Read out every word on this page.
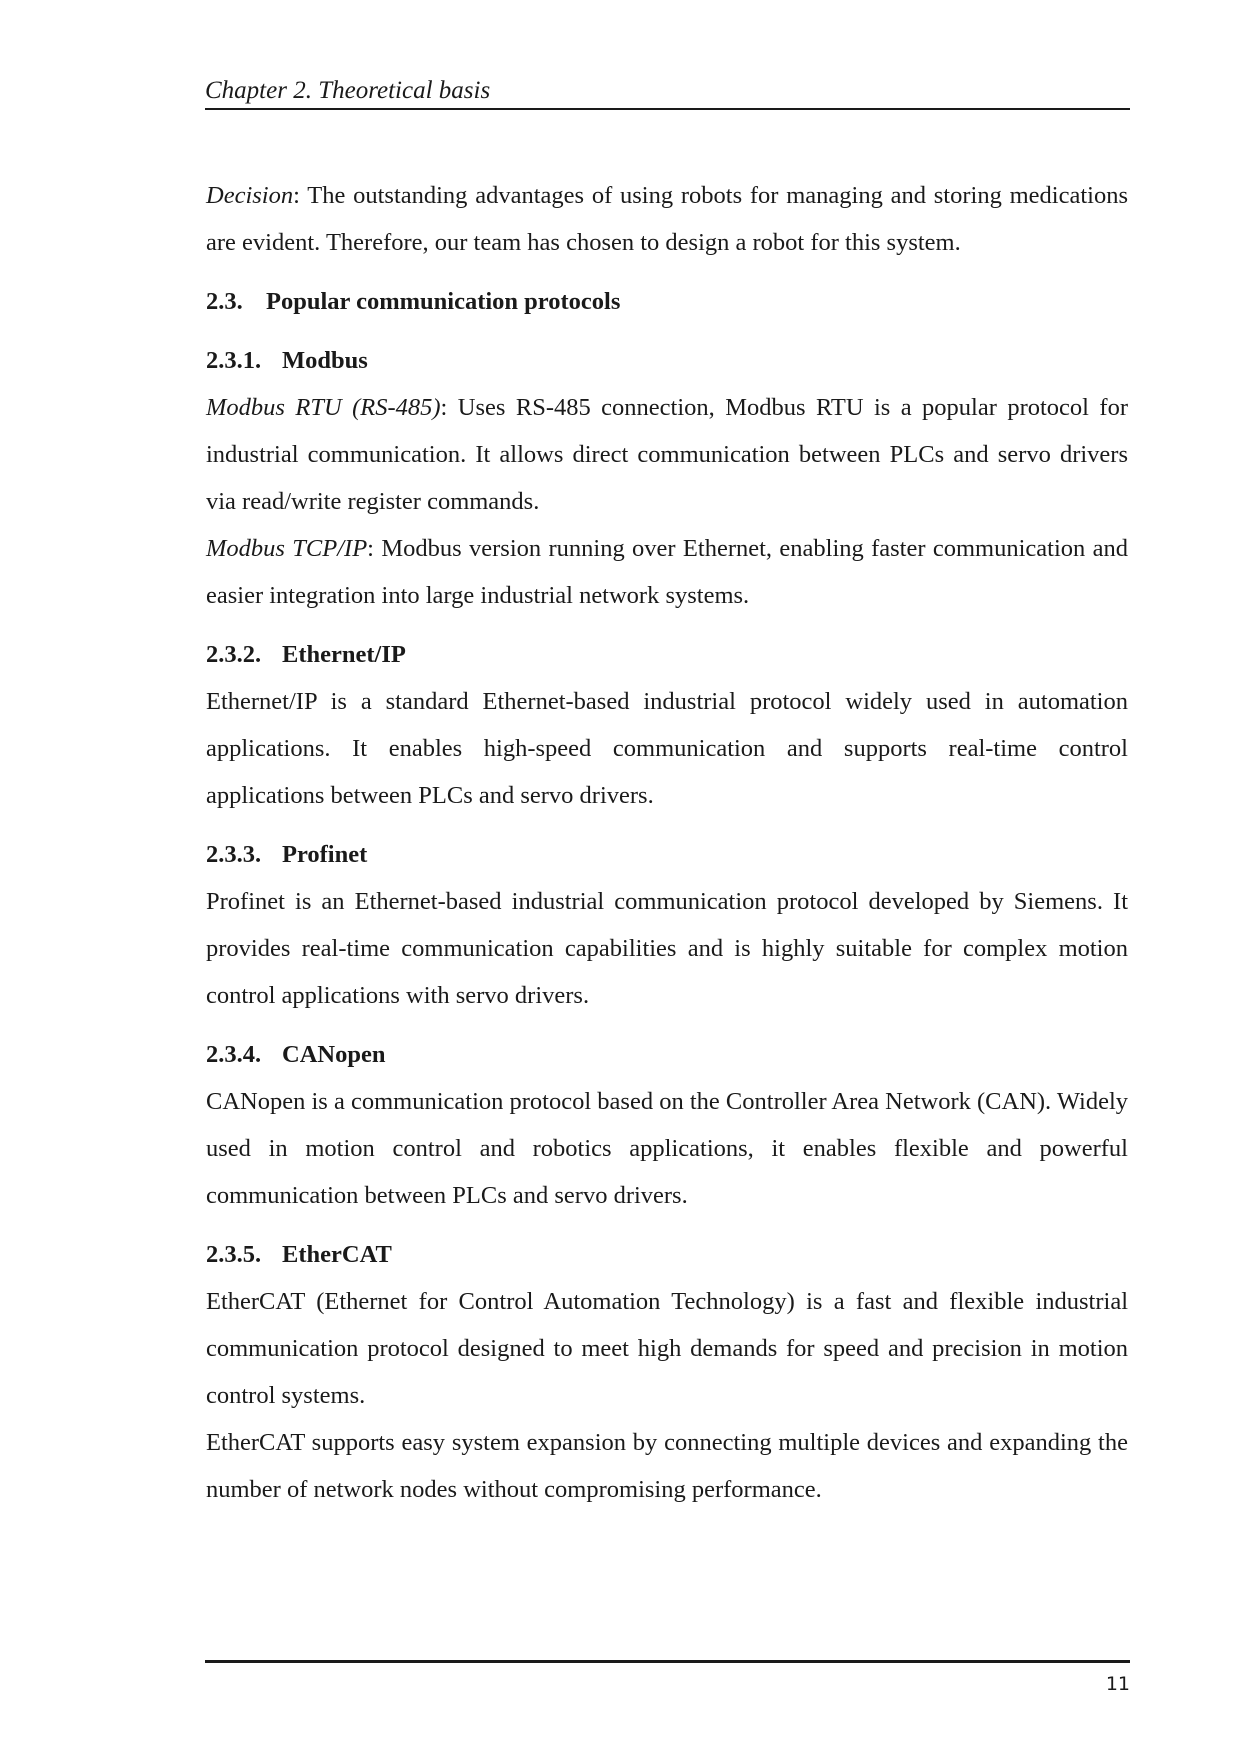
Chapter 2. Theoretical basis

Decision: The outstanding advantages of using robots for managing and storing medications are evident. Therefore, our team has chosen to design a robot for this system.

2.3. Popular communication protocols
2.3.1. Modbus

Modbus RTU (RS-485): Uses RS-485 connection, Modbus RTU is a popular protocol for industrial communication. It allows direct communication between PLCs and servo drivers via read/write register commands.

Modbus TCP/IP: Modbus version running over Ethernet, enabling faster communication and easier integration into large industrial network systems.

2.3.2. Ethernet/IP

Ethernet/IP is a standard Ethernet-based industrial protocol widely used in automation applications. It enables high-speed communication and supports real-time control applications between PLCs and servo drivers.

2.3.3. Profinet

Profinet is an Ethernet-based industrial communication protocol developed by Siemens. It provides real-time communication capabilities and is highly suitable for complex motion control applications with servo drivers.

2.3.4. CANopen

CANopen is a communication protocol based on the Controller Area Network (CAN). Widely used in motion control and robotics applications, it enables flexible and powerful communication between PLCs and servo drivers.

2.3.5. EtherCAT

EtherCAT (Ethernet for Control Automation Technology) is a fast and flexible industrial communication protocol designed to meet high demands for speed and precision in motion control systems.

EtherCAT supports easy system expansion by connecting multiple devices and expanding the number of network nodes without compromising performance.

11
